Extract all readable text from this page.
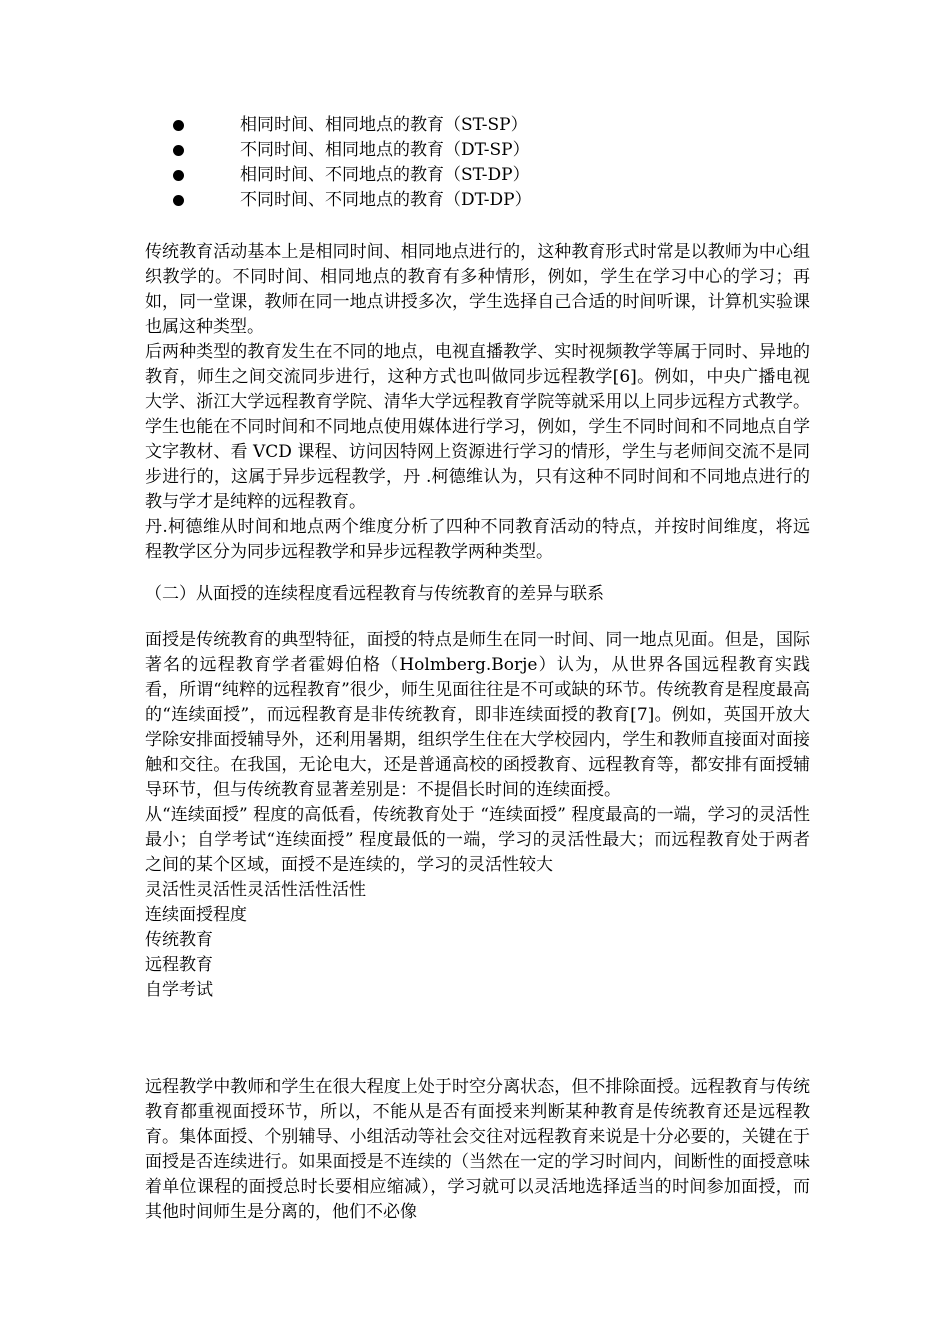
相同时间、相同地点的教育（ST-SP）
不同时间、相同地点的教育（DT-SP）
相同时间、不同地点的教育（ST-DP）
不同时间、不同地点的教育（DT-DP）

传统教育活动基本上是相同时间、相同地点进行的，这种教育形式时常是以教师为中心组织教学的。不同时间、相同地点的教育有多种情形，例如，学生在学习中心的学习；再如，同一堂课，教师在同一地点讲授多次，学生选择自己合适的时间听课，计算机实验课也属这种类型。

后两种类型的教育发生在不同的地点，电视直播教学、实时视频教学等属于同时、异地的教育，师生之间交流同步进行，这种方式也叫做同步远程教学[6]。例如，中央广播电视大学、浙江大学远程教育学院、清华大学远程教育学院等就采用以上同步远程方式教学。学生也能在不同时间和不同地点使用媒体进行学习，例如，学生不同时间和不同地点自学文字教材、看 VCD 课程、访问因特网上资源进行学习的情形，学生与老师间交流不是同步进行的，这属于异步远程教学，丹 .柯德维认为，只有这种不同时间和不同地点进行的教与学才是纯粹的远程教育。

丹.柯德维从时间和地点两个维度分析了四种不同教育活动的特点，并按时间维度，将远程教学区分为同步远程教学和异步远程教学两种类型。

（二）从面授的连续程度看远程教育与传统教育的差异与联系

面授是传统教育的典型特征，面授的特点是师生在同一时间、同一地点见面。但是，国际著名的远程教育学者霍姆伯格（Holmberg.Borje）认为，从世界各国远程教育实践看，所谓“纯粹的远程教育”很少，师生见面往往是不可或缺的环节。传统教育是程度最高的“连续面授”，而远程教育是非传统教育，即非连续面授的教育[7]。例如，英国开放大学除安排面授辅导外，还利用暑期，组织学生住在大学校园内，学生和教师直接面对面接触和交往。在我国，无论电大，还是普通高校的函授教育、远程教育等，都安排有面授辅导环节，但与传统教育显著差别是：不提倡长时间的连续面授。

从“连续面授” 程度的高低看，传统教育处于 “连续面授” 程度最高的一端，学习的灵活性最小；自学考试“连续面授” 程度最低的一端，学习的灵活性最大；而远程教育处于两者之间的某个区域，面授不是连续的，学习的灵活性较大

灵活性灵活性灵活性活性活性

连续面授程度

传统教育

远程教育

自学考试

远程教学中教师和学生在很大程度上处于时空分离状态，但不排除面授。远程教育与传统教育都重视面授环节，所以，不能从是否有面授来判断某种教育是传统教育还是远程教育。集体面授、个别辅导、小组活动等社会交往对远程教育来说是十分必要的，关键在于面授是否连续进行。如果面授是不连续的（当然在一定的学习时间内，间断性的面授意味着单位课程的面授总时长要相应缩减），学习就可以灵活地选择适当的时间参加面授，而其他时间师生是分离的，他们不必像
